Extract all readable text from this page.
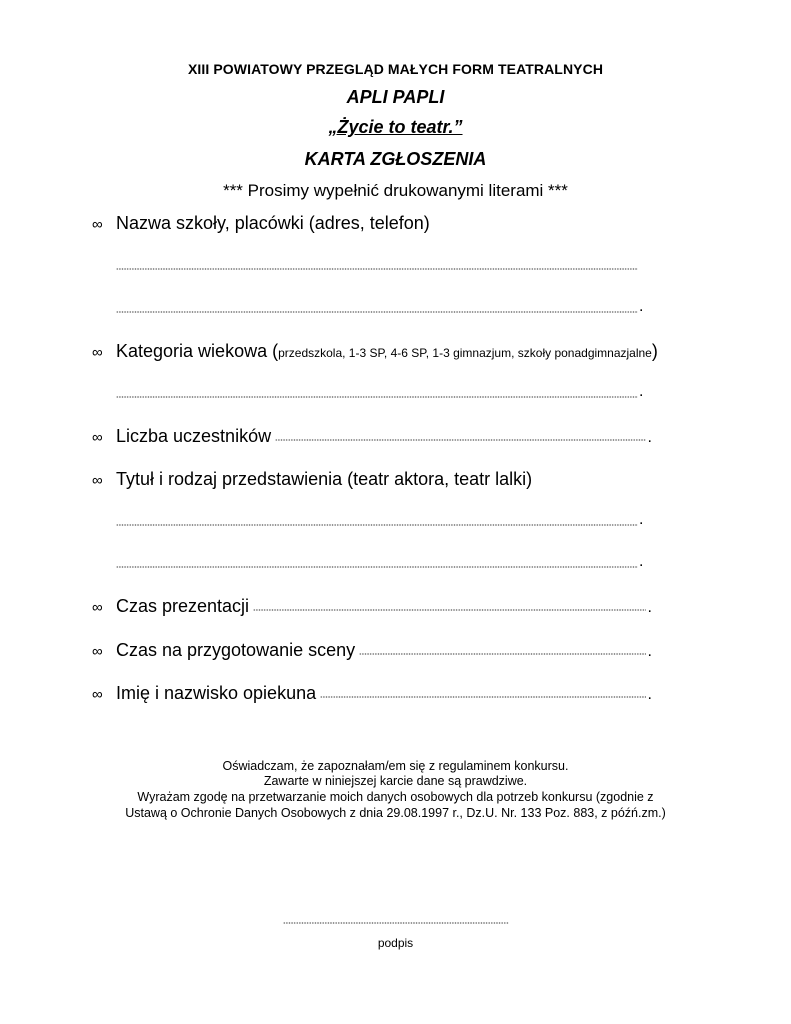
XIII POWIATOWY PRZEGLĄD MAŁYCH FORM TEATRALNYCH
APLI PAPLI
„Życie to teatr.”
KARTA ZGŁOSZENIA
*** Prosimy wypełnić drukowanymi literami ***
∞ Nazwa szkoły, placówki (adres, telefon)
.
∞ Kategoria wiekowa ( przedszkola, 1-3 SP, 4-6 SP, 1-3 gimnazjum, szkoły ponadgimnazjalne )
.
∞ Liczba uczestników	.
∞ Tytuł i rodzaj przedstawienia (teatr aktora, teatr lalki)
.
.
∞ Czas prezentacji	.
∞ Czas na przygotowanie sceny	.
∞ Imię i nazwisko opiekuna	.
Oświadczam, że zapoznałam/em się z regulaminem konkursu.
Zawarte w niniejszej karcie dane są prawdziwe.
Wyrażam zgodę na przetwarzanie moich danych osobowych dla potrzeb konkursu (zgodnie z
Ustawą o Ochronie Danych Osobowych z dnia 29.08.1997 r., Dz.U. Nr. 133 Poz. 883, z późń.zm.)
podpis
